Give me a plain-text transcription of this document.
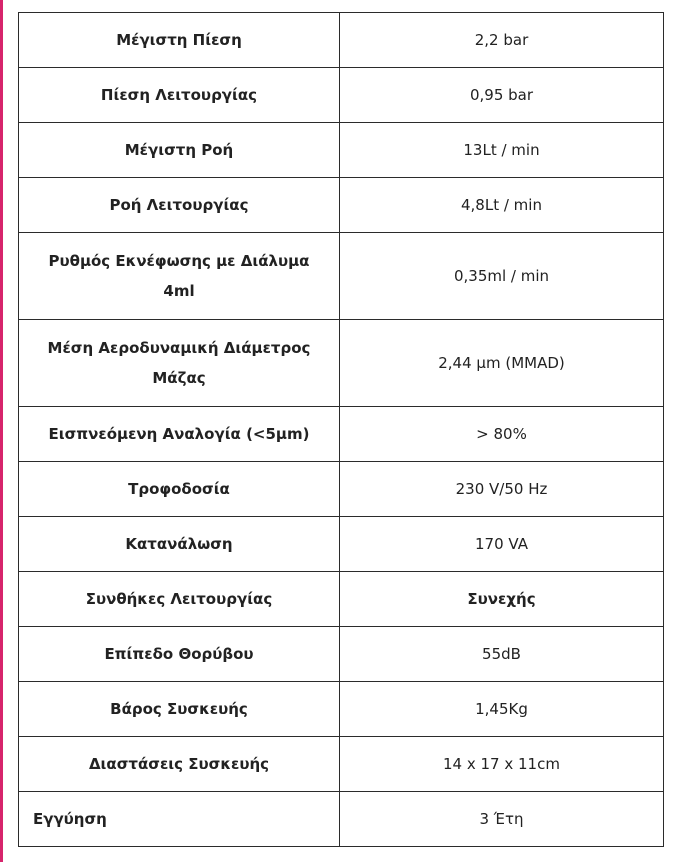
Μέγιστη Πίεση	2,2 bar
Πίεση Λειτουργίας	0,95 bar
Μέγιστη Ροή	13Lt / min
Ροή Λειτουργίας	4,8Lt / min
Ρυθμός Εκνέφωσης με Διάλυμα 4ml	0,35ml / min
Μέση Αεροδυναμική Διάμετρος Μάζας	2,44 μm (MMAD)
Εισπνεόμενη Αναλογία (<5μm)	> 80%
Τροφοδοσία	230 V/50 Hz
Κατανάλωση	170 VA
Συνθήκες Λειτουργίας	Συνεχής
Επίπεδο Θορύβου	55dB
Βάρος Συσκευής	1,45Kg
Διαστάσεις Συσκευής	14 x 17 x 11cm
Εγγύηση	3 Έτη
